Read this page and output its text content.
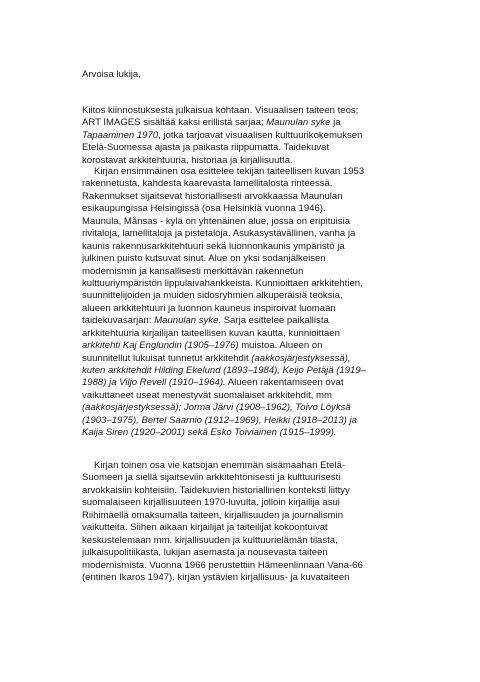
Arvoisa lukija,

Kiitos kiinnostuksesta julkaisua kohtaan. Visuaalisen taiteen teos;
ART IMAGES sisältää kaksi erillistä sarjaa; Maunulan syke ja
Tapaaminen 1970, jotka tarjoavat visuaalisen kulttuurikokemuksen
Etelä-Suomessa ajasta ja paikasta riippumatta. Taidekuvat
korostavat arkkitehtuuria, historiaa ja kirjallisuutta.
Kirjan ensimmäinen osa esittelee tekijän taiteellisen kuvan 1953
rakennetusta, kahdesta kaarevasta lamellitalosta rinteessä.
Rakennukset sijaitsevat historiallisesti arvokkaassa Maunulan
esikaupungissa Helsingissä (osa Helsinkiä vuonna 1946).
Maunula, Månsas - kylä on yhtenäinen alue, jossa on eripituisia
rivitaloja, lamellitaloja ja pistetaloja. Asukasystävällinen, vanha ja
kaunis rakennusarkkitehtuuri sekä luonnonkaunis ympäristö ja
julkinen puisto kutsuvat sinut. Alue on yksi sodanjälkeisen
modernismin ja kansallisesti merkittävän rakennetun
kulttuuriympäristön lippulaivahankkeista. Kunnioittaen arkkitehtien,
suunnittelijoiden ja muiden sidosryhmien alkuperäisiä teoksia,
alueen arkkitehtuuri ja luonnon kauneus inspiroivat luomaan
taidekuvasarjan: Maunulan syke. Sarja esittelee paikallista
arkkitehtuuria kirjailijan taiteellisen kuvan kautta, kunnioittaen
arkkitehti Kaj Englundin (1905–1976) muistoa. Alueen on
suunnitellut lukuisat tunnetut arkkitehdit (aakkosjärjestyksessä),
kuten arkkitehdit Hilding Ekelund (1893–1984), Keijo Petäjä (1919–
1988) ja Viljo Revell (1910–1964). Alueen rakentamiseen ovat
vaikuttaneet useat menestyvät suomalaiset arkkitehdit, mm
(aakkosjärjestyksessä); Jorma Järvi (1908–1962), Toivo Löyksä
(1903–1975), Bertel Saarnio (1912–1969), Heikki (1918–2013) ja
Kaija Siren (1920–2001) sekä Esko Toiviainen (1915–1999).
Kirjan toinen osa vie katsojan enemmän sisämaahan Etelä-
Suomeen ja siellä sijaitseviin arkkitehtonisesti ja kulttuurisesti
arvokkaisiin kohteisiin. Taidekuvien historiallinen konteksti liittyy
suomalaiseen kirjallisuuteen 1970-luvulta, jolloin kirjailija asui
Riihimäellä omaksumalla taiteen, kirjallisuuden ja journalismin
vaikutteita. Siihen aikaan kirjailijat ja taiteilijat kokoontuivat
keskustelemaan mm. kirjallisuuden ja kulttuurielämän tilasta,
julkaisupolitiikasta, lukijan asemasta ja nousevasta taiteen
modernismista. Vuonna 1966 perustettiin Hämeenlinnaan Vana-66
(entinen Ikaros 1947), kirjan ystävien kirjallisuus- ja kuvataiteen
